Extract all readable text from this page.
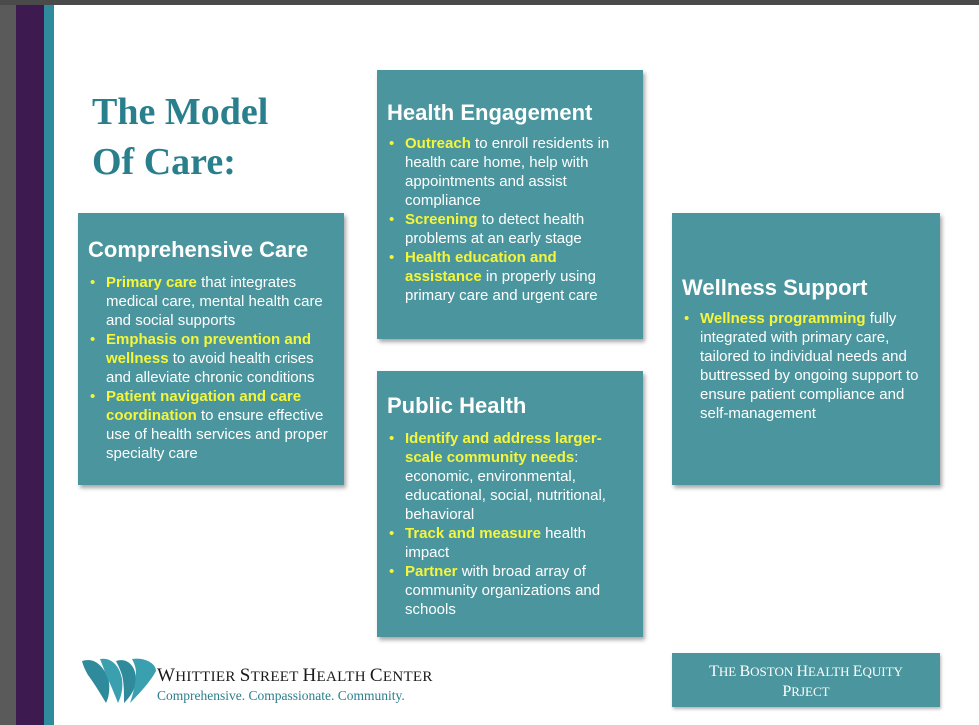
The Model
Of Care:
Comprehensive Care
• Primary care that integrates medical care, mental health care and social supports
• Emphasis on prevention and wellness to avoid health crises and alleviate chronic conditions
• Patient navigation and care coordination to ensure effective use of health services and proper specialty care
Health Engagement
• Outreach to enroll residents in health care home, help with appointments and assist compliance
• Screening to detect health problems at an early stage
• Health education and assistance in properly using primary care and urgent care
Public Health
• Identify and address larger-scale community needs: economic, environmental, educational, social, nutritional, behavioral
• Track and measure health impact
• Partner with broad array of community organizations and schools
Wellness Support
• Wellness programming fully integrated with primary care, tailored to individual needs and buttressed by ongoing support to ensure patient compliance and self-management

WHITTIER STREET HEALTH CENTER

Comprehensive. Compassionate. Community.

THE BOSTON HEALTH EQUITY
PRJECT
